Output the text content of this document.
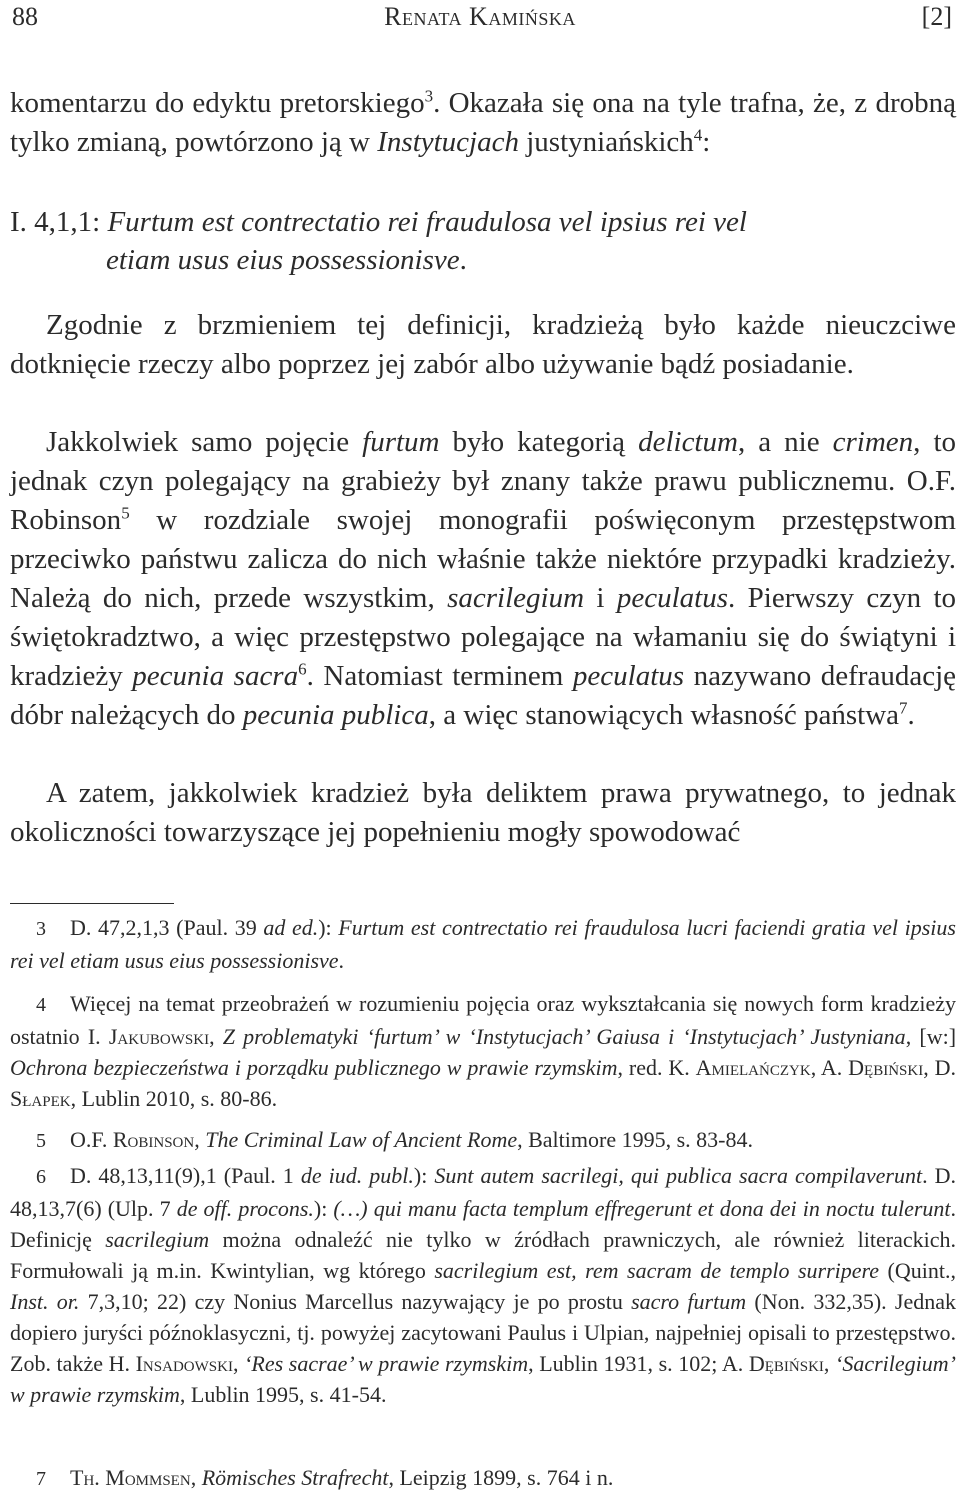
88	Renata Kamińska	[2]

komentarzu do edyktu pretorskiego$^3$. Okazała się ona na tyle trafna, że, z drobną tylko zmianą, powtórzono ją w Instytucjach justyniańskich$^4$:

I. 4,1,1: Furtum est contrectatio rei fraudulosa vel ipsius rei vel
etiam usus eius possessionisve.

Zgodnie z brzmieniem tej definicji, kradzieżą było każde nieuczciwe dotknięcie rzeczy albo poprzez jej zabór albo używanie bądź posiadanie.

Jakkolwiek samo pojęcie furtum było kategorią delictum, a nie crimen, to jednak czyn polegający na grabieży był znany także prawu publicznemu. O.F. Robinson$^5$ w rozdziale swojej monografii poświęconym przestępstwom przeciwko państwu zalicza do nich właśnie także niektóre przypadki kradzieży. Należą do nich, przede wszystkim, sacrilegium i peculatus. Pierwszy czyn to świętokradztwo, a więc przestępstwo polegające na włamaniu się do świątyni i kradzieży pecunia sacra$^6$. Natomiast terminem peculatus nazywano defraudację dóbr należących do pecunia publica, a więc stanowiących własność państwa$^7$.

A zatem, jakkolwiek kradzież była deliktem prawa prywatnego, to jednak okoliczności towarzyszące jej popełnieniu mogły spowodować

3 D. 47,2,1,3 (Paul. 39 ad ed.): Furtum est contrectatio rei fraudulosa lucri faciendi gratia vel ipsius rei vel etiam usus eius possessionisve.
4 Więcej na temat przeobrażeń w rozumieniu pojęcia oraz wykształcania się nowych form kradzieży ostatnio I. Jakubowski, Z problematyki ‘furtum’ w ‘Instytucjach’ Gaiusa i ‘Instytucjach’ Justyniana, [w:] Ochrona bezpieczeństwa i porządku publicznego w prawie rzymskim, red. K. Amielańczyk, A. Dębiński, D. Słapek, Lublin 2010, s. 80-86.
5 O.F. Robinson, The Criminal Law of Ancient Rome, Baltimore 1995, s. 83-84.
6 D. 48,13,11(9),1 (Paul. 1 de iud. publ.): Sunt autem sacrilegi, qui publica sacra compilaverunt. D. 48,13,7(6) (Ulp. 7 de off. procons.): (…) qui manu facta templum effregerunt et dona dei in noctu tulerunt. Definicję sacrilegium można odnaleźć nie tylko w źródłach prawniczych, ale również literackich. Formułowali ją m.in. Kwintylian, wg którego sacrilegium est, rem sacram de templo surripere (Quint., Inst. or. 7,3,10; 22) czy Nonius Marcellus nazywający je po prostu sacro furtum (Non. 332,35). Jednak dopiero juryści późnoklasyczni, tj. powyżej zacytowani Paulus i Ulpian, najpełniej opisali to przestępstwo. Zob. także H. Insadowski, ‘Res sacrae’ w prawie rzymskim, Lublin 1931, s. 102; A. Dębiński, ‘Sacrilegium’ w prawie rzymskim, Lublin 1995, s. 41-54.
7 Th. Mommsen, Römisches Strafrecht, Leipzig 1899, s. 764 i n.
